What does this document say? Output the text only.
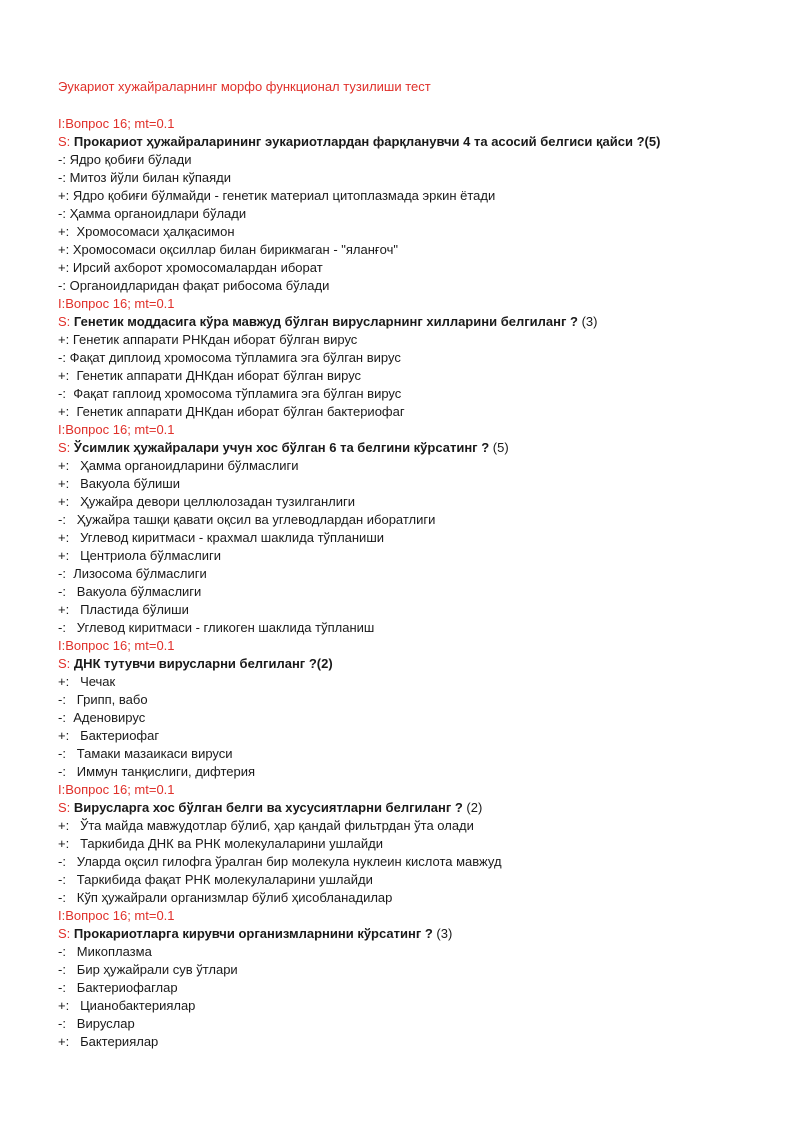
Эукариот хужайраларнинг морфо функционал тузилиши тест
I:Вопрос 16; mt=0.1
S: Прокариот ҳужайраларининг эукариотлардан фарқланувчи 4 та асосий белгиси қайси ?(5)
-: Ядро қобиғи бўлади
-: Митоз йўли билан кўпаяди
+: Ядро қобиғи бўлмайди - генетик материал цитоплазмада эркин ётади
-: Ҳамма органоидлари бўлади
+:  Хромосомаси ҳалқасимон
+: Хромосомаси оқсиллар билан бирикмаган - "яланғоч"
+: Ирсий ахборот хромосомалардан иборат
-: Органоидларидан фақат рибосома бўлади
I:Вопрос 16; mt=0.1
S: Генетик моддасига кўра мавжуд бўлган вирусларнинг хилларини белгиланг ? (3)
+: Генетик аппарати РНКдан иборат бўлган вирус
-: Фақат диплоид хромосома тўпламига эга бўлган вирус
+:  Генетик аппарати ДНКдан иборат бўлган вирус
-:  Фақат гаплоид хромосома тўпламига эга бўлган вирус
+:  Генетик аппарати ДНКдан иборат бўлган бактериофаг
I:Вопрос 16; mt=0.1
S: Ўсимлик ҳужайралари учун хос бўлган 6 та белгини кўрсатинг ? (5)
+:   Ҳамма органоидларини бўлмаслиги
+:   Вакуола бўлиши
+:   Ҳужайра девори целлюлозадан тузилганлиги
-:   Ҳужайра ташқи қавати оқсил ва углеводлардан иборатлиги
+:   Углевод киритмаси - крахмал шаклида тўпланиши
+:   Центриола бўлмаслиги
-:  Лизосома бўлмаслиги
-:   Вакуола бўлмаслиги
+:   Пластида бўлиши
-:   Углевод киритмаси - гликоген шаклида тўпланиш
I:Вопрос 16; mt=0.1
S: ДНК тутувчи вирусларни белгиланг ?(2)
+:   Чечак
-:   Грипп, вабо
-:  Аденовирус
+:   Бактериофаг
-:   Тамаки мазаикаси вируси
-:   Иммун танқислиги, дифтерия
I:Вопрос 16; mt=0.1
S: Вирусларга хос бўлган белги ва хусусиятларни белгиланг ? (2)
+:   Ўта майда мавжудотлар бўлиб, ҳар қандай фильтрдан ўта олади
+:   Таркибида ДНК ва РНК молекулаларини ушлайди
-:   Уларда оқсил гилофга ўралган бир молекула нуклеин кислота мавжуд
-:   Таркибида фақат РНК молекулаларини ушлайди
-:   Кўп ҳужайрали организмлар бўлиб ҳисобланадилар
I:Вопрос 16; mt=0.1
S: Прокариотларга кирувчи организмларнини кўрсатинг ? (3)
-:   Микоплазма
-:   Бир ҳужайрали сув ўтлари
-:   Бактериофаглар
+:   Цианобактериялар
-:   Вируслар
+:   Бактериялар
